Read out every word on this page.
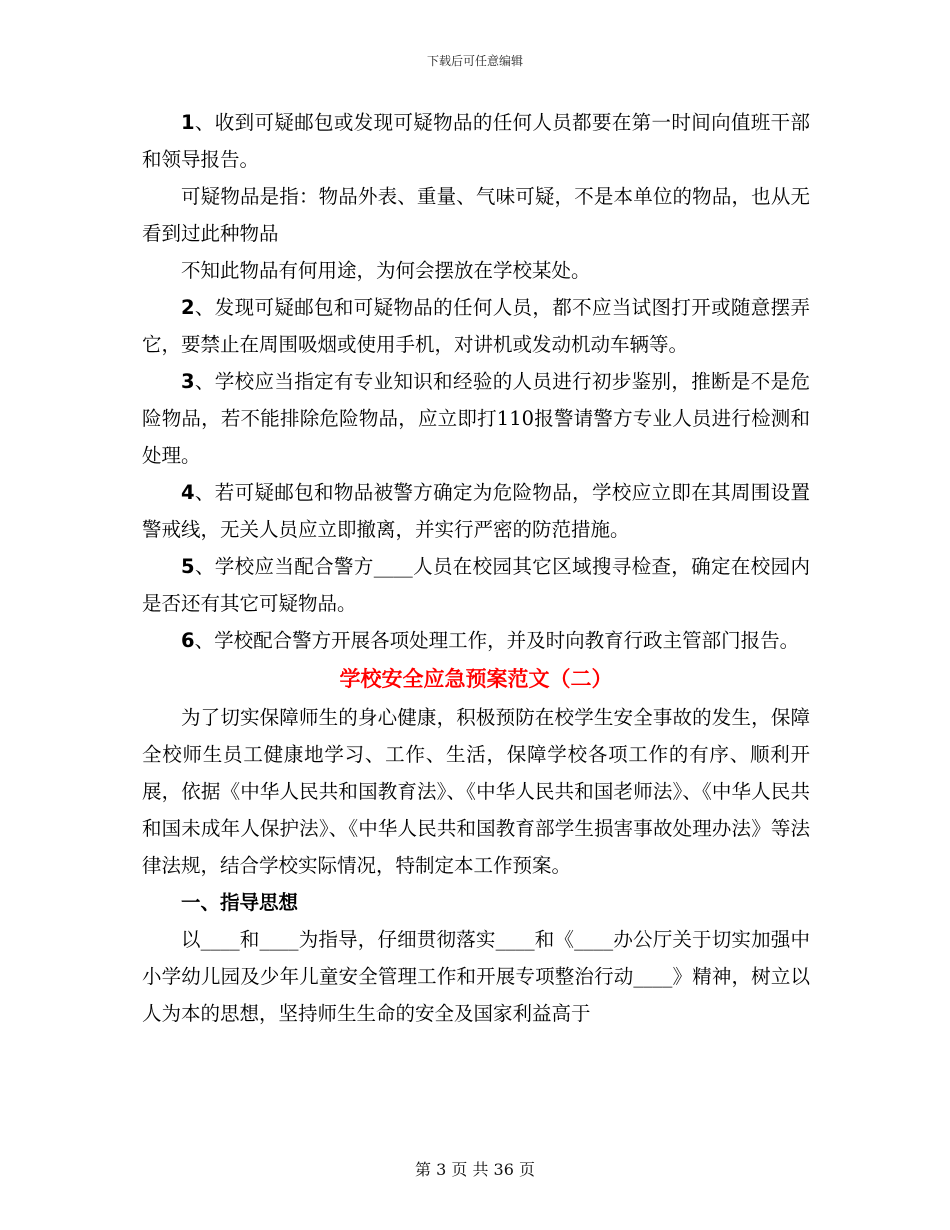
下载后可任意编辑

1、收到可疑邮包或发现可疑物品的任何人员都要在第一时间向值班干部和领导报告。

可疑物品是指：物品外表、重量、气味可疑，不是本单位的物品，也从无看到过此种物品

不知此物品有何用途，为何会摆放在学校某处。

2、发现可疑邮包和可疑物品的任何人员，都不应当试图打开或随意摆弄它，要禁止在周围吸烟或使用手机，对讲机或发动机动车辆等。

3、学校应当指定有专业知识和经验的人员进行初步鉴别，推断是不是危险物品，若不能排除危险物品，应立即打110报警请警方专业人员进行检测和处理。

4、若可疑邮包和物品被警方确定为危险物品，学校应立即在其周围设置警戒线，无关人员应立即撤离，并实行严密的防范措施。

5、学校应当配合警方____人员在校园其它区域搜寻检查，确定在校园内是否还有其它可疑物品。

6、学校配合警方开展各项处理工作，并及时向教育行政主管部门报告。

学校安全应急预案范文（二）

为了切实保障师生的身心健康，积极预防在校学生安全事故的发生，保障全校师生员工健康地学习、工作、生活，保障学校各项工作的有序、顺利开展，依据《中华人民共和国教育法》、《中华人民共和国老师法》、《中华人民共和国未成年人保护法》、《中华人民共和国教育部学生损害事故处理办法》等法律法规，结合学校实际情况，特制定本工作预案。

一、指导思想

以____和____为指导，仔细贯彻落实____和《____办公厅关于切实加强中小学幼儿园及少年儿童安全管理工作和开展专项整治行动____》精神，树立以人为本的思想，坚持师生生命的安全及国家利益高于

第 3 页 共 36 页
